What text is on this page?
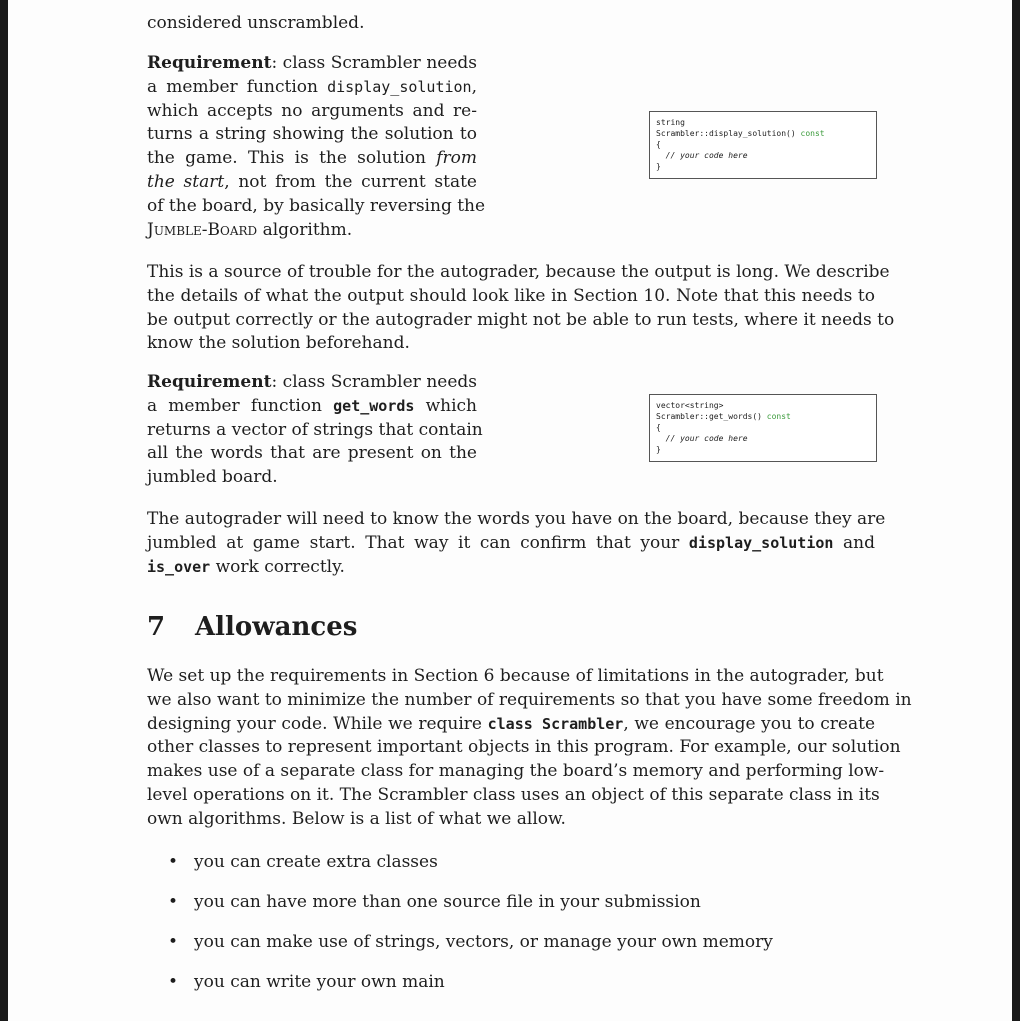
considered unscrambled.
Requirement: class Scrambler needs
a member function display_solution,
which accepts no arguments and re-
turns a string showing the solution to
the game. This is the solution from
the start, not from the current state
of the board, by basically reversing the
Jumble-Board algorithm.
string
Scrambler::display_solution() const
{
// your code here
}
This is a source of trouble for the autograder, because the output is long. We describe
the details of what the output should look like in Section 10. Note that this needs to
be output correctly or the autograder might not be able to run tests, where it needs to
know the solution beforehand.
Requirement: class Scrambler needs
a member function get_words which
returns a vector of strings that contain
all the words that are present on the
jumbled board.
vector<string>
Scrambler::get_words() const
{
// your code here
}
The autograder will need to know the words you have on the board, because they are
jumbled at game start. That way it can confirm that your display_solution and
is_over work correctly.
7 Allowances
We set up the requirements in Section 6 because of limitations in the autograder, but
we also want to minimize the number of requirements so that you have some freedom in
designing your code. While we require class Scrambler, we encourage you to create
other classes to represent important objects in this program. For example, our solution
makes use of a separate class for managing the board’s memory and performing low-
level operations on it. The Scrambler class uses an object of this separate class in its
own algorithms. Below is a list of what we allow.
• you can create extra classes
• you can have more than one source file in your submission
• you can make use of strings, vectors, or manage your own memory
• you can write your own main
